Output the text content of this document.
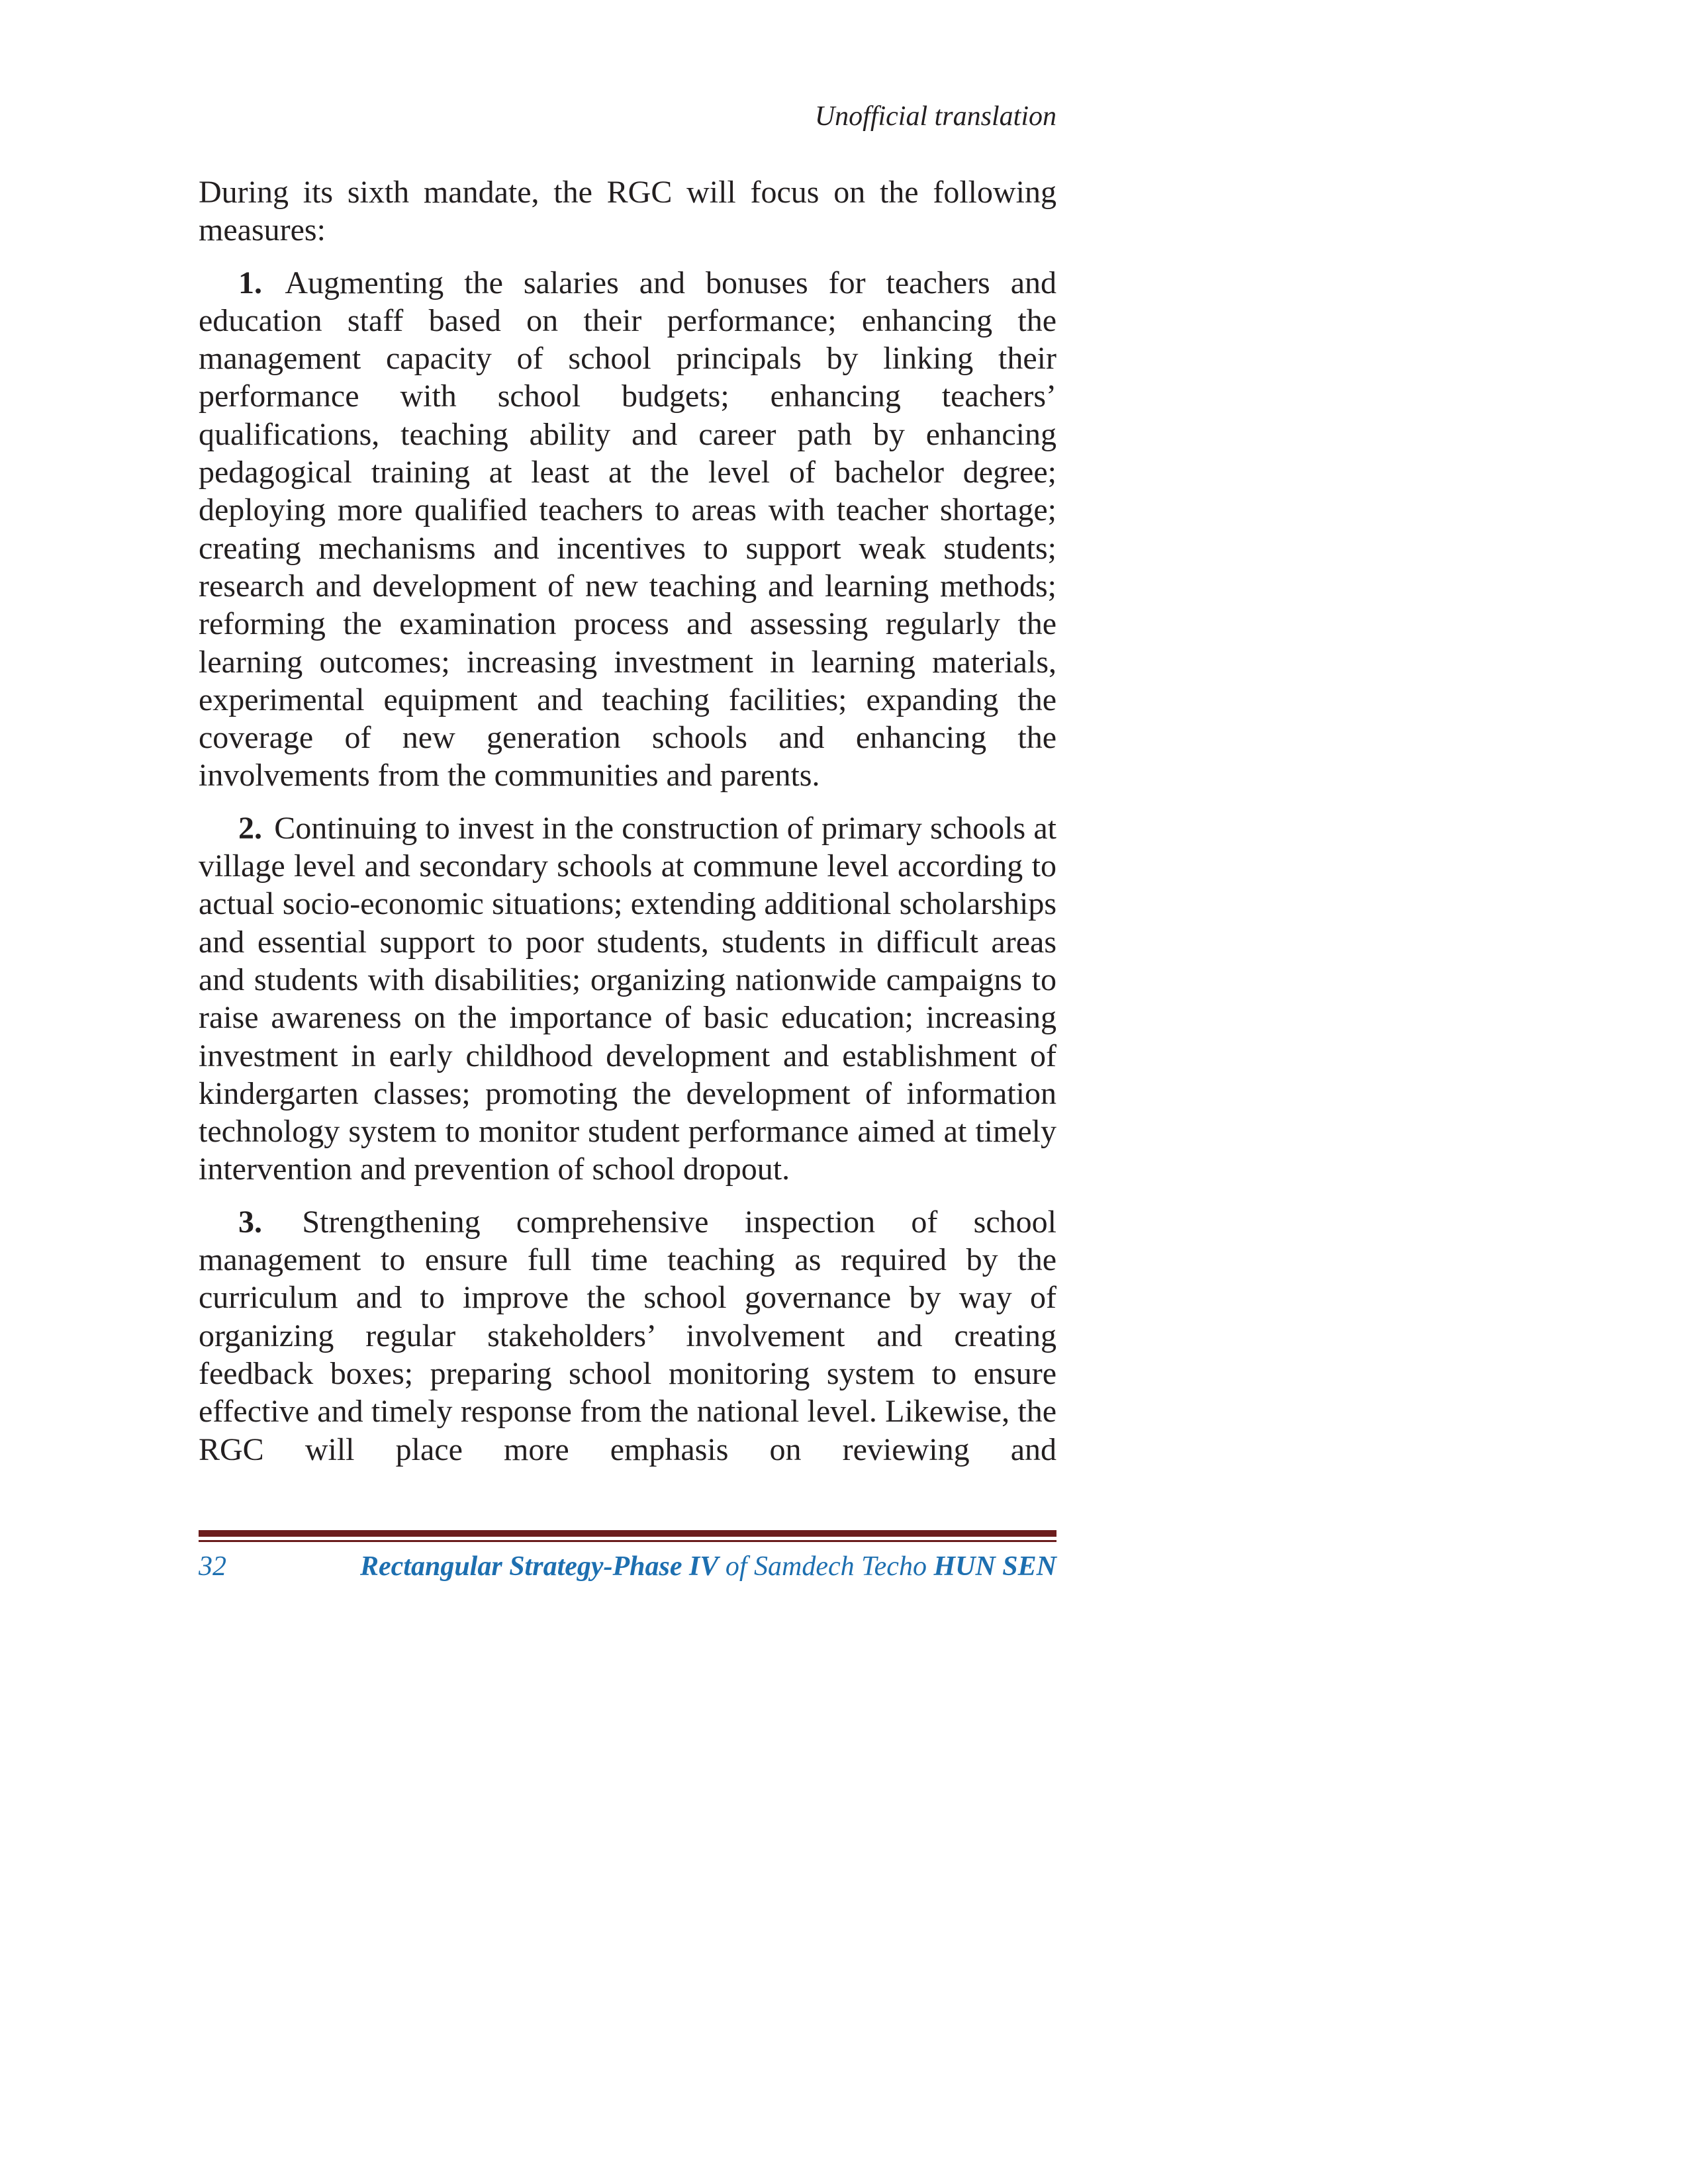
Unofficial translation

During its sixth mandate, the RGC will focus on the following measures:

1. Augmenting the salaries and bonuses for teachers and education staff based on their performance; enhancing the management capacity of school principals by linking their performance with school budgets; enhancing teachers’ qualifications, teaching ability and career path by enhancing pedagogical training at least at the level of bachelor degree; deploying more qualified teachers to areas with teacher shortage; creating mechanisms and incentives to support weak students; research and development of new teaching and learning methods; reforming the examination process and assessing regularly the learning outcomes; increasing investment in learning materials, experimental equipment and teaching facilities; expanding the coverage of new generation schools and enhancing the involvements from the communities and parents.

2. Continuing to invest in the construction of primary schools at village level and secondary schools at commune level according to actual socio-economic situations; extending additional scholarships and essential support to poor students, students in difficult areas and students with disabilities; organizing nationwide campaigns to raise awareness on the importance of basic education; increasing investment in early childhood development and establishment of kindergarten classes; promoting the development of information technology system to monitor student performance aimed at timely intervention and prevention of school dropout.

3. Strengthening comprehensive inspection of school management to ensure full time teaching as required by the curriculum and to improve the school governance by way of organizing regular stakeholders’ involvement and creating feedback boxes; preparing school monitoring system to ensure effective and timely response from the national level. Likewise, the RGC will place more emphasis on reviewing and

32	Rectangular Strategy-Phase IV of Samdech Techo HUN SEN
